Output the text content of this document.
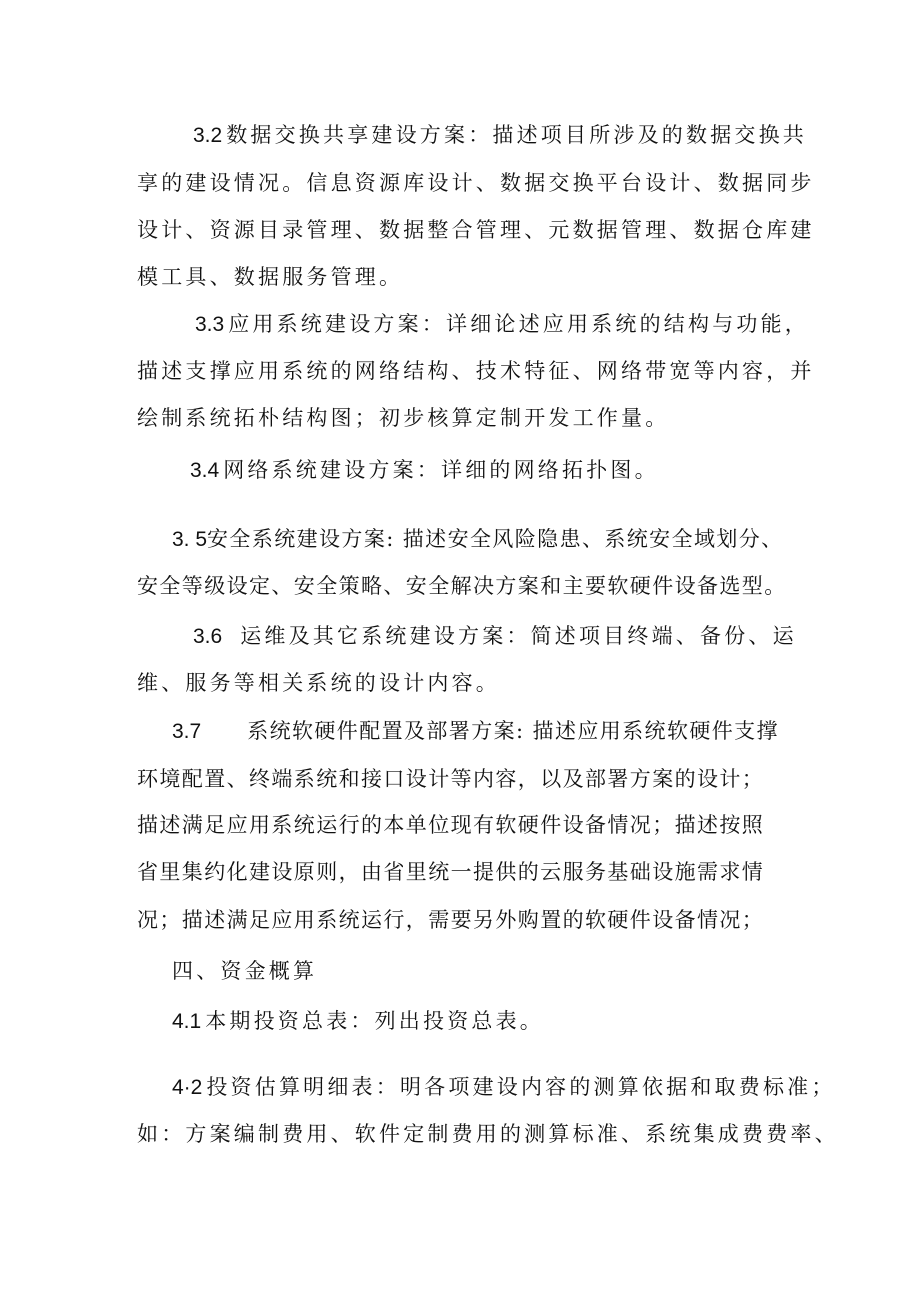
3.2 数据交换共享建设方案：描述项目所涉及的数据交换共
享的建设情况。信息资源库设计、数据交换平台设计、数据同步
设计、资源目录管理、数据整合管理、元数据管理、数据仓库建
模工具、数据服务管理。
3.3 应用系统建设方案：详细论述应用系统的结构与功能，
描述支撑应用系统的网络结构、技术特征、网络带宽等内容，并
绘制系统拓朴结构图；初步核算定制开发工作量。
3.4 网络系统建设方案：详细的网络拓扑图。
3. 5安全系统建设方案: 描述安全风险隐患、系统安全域划分、
安全等级设定、安全策略、安全解决方案和主要软硬件设备选型。
3.6 运维及其它系统建设方案：简述项目终端、备份、运
维、服务等相关系统的设计内容。
3.7 系统软硬件配置及部署方案: 描述应用系统软硬件支撑
环境配置、终端系统和接口设计等内容，以及部署方案的设计；
描述满足应用系统运行的本单位现有软硬件设备情况；描述按照
省里集约化建设原则，由省里统一提供的云服务基础设施需求情
况；描述满足应用系统运行，需要另外购置的软硬件设备情况；
四、资金概算
4.1 本期投资总表：列出投资总表。
4·2 投资估算明细表：明各项建设内容的测算依据和取费标准；
如：方案编制费用、软件定制费用的测算标准、系统集成费费率、
